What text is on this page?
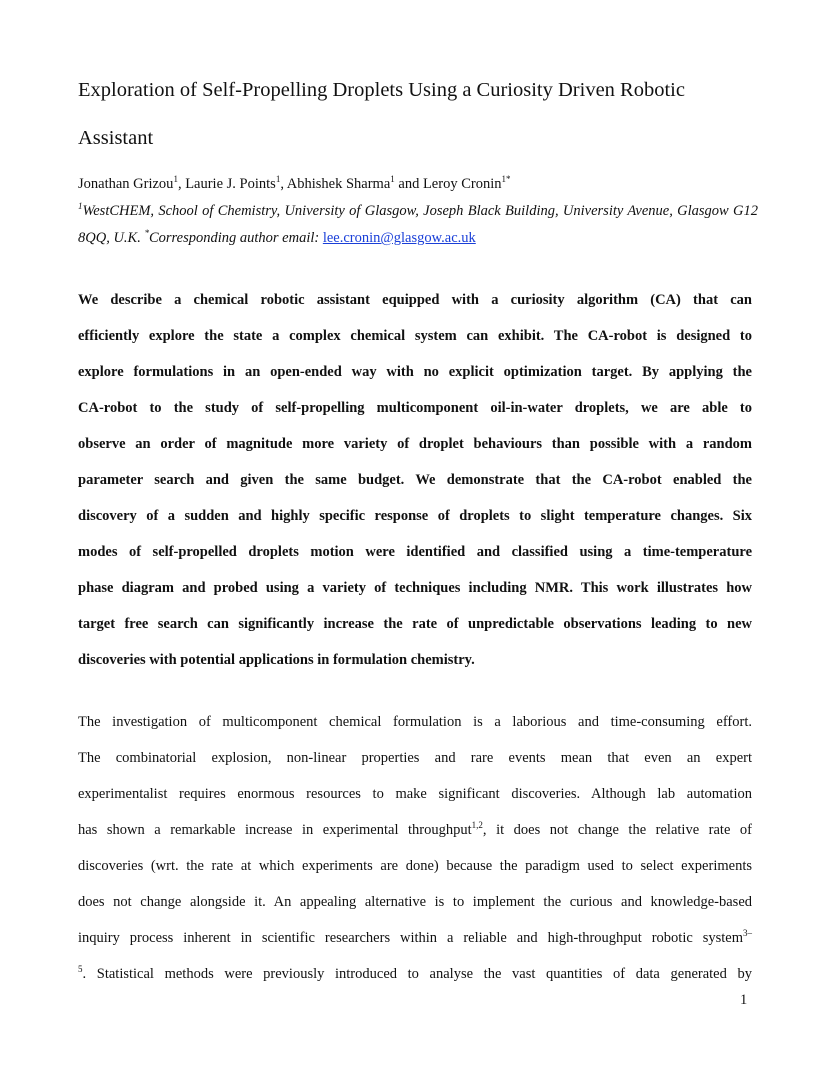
Exploration of Self-Propelling Droplets Using a Curiosity Driven Robotic
Assistant
Jonathan Grizou$^1$, Laurie J. Points$^1$, Abhishek Sharma$^1$ and Leroy Cronin$^{1*}$
$^1$WestCHEM, School of Chemistry, University of Glasgow, Joseph Black Building, University Avenue, Glasgow G12 8QQ, U.K. *Corresponding author email: lee.cronin@glasgow.ac.uk
We describe a chemical robotic assistant equipped with a curiosity algorithm (CA) that can
efficiently explore the state a complex chemical system can exhibit. The CA-robot is designed to
explore formulations in an open-ended way with no explicit optimization target. By applying the
CA-robot to the study of self-propelling multicomponent oil-in-water droplets, we are able to
observe an order of magnitude more variety of droplet behaviours than possible with a random
parameter search and given the same budget. We demonstrate that the CA-robot enabled the
discovery of a sudden and highly specific response of droplets to slight temperature changes. Six
modes of self-propelled droplets motion were identified and classified using a time-temperature
phase diagram and probed using a variety of techniques including NMR. This work illustrates how
target free search can significantly increase the rate of unpredictable observations leading to new
discoveries with potential applications in formulation chemistry.
The investigation of multicomponent chemical formulation is a laborious and time-consuming effort.
The combinatorial explosion, non-linear properties and rare events mean that even an expert
experimentalist requires enormous resources to make significant discoveries. Although lab automation
has shown a remarkable increase in experimental throughput$^{1,2}$, it does not change the relative rate of
discoveries (wrt. the rate at which experiments are done) because the paradigm used to select experiments
does not change alongside it. An appealing alternative is to implement the curious and knowledge-based
inquiry process inherent in scientific researchers within a reliable and high-throughput robotic system$^{3-}$
$^5$. Statistical methods were previously introduced to analyse the vast quantities of data generated by
1
